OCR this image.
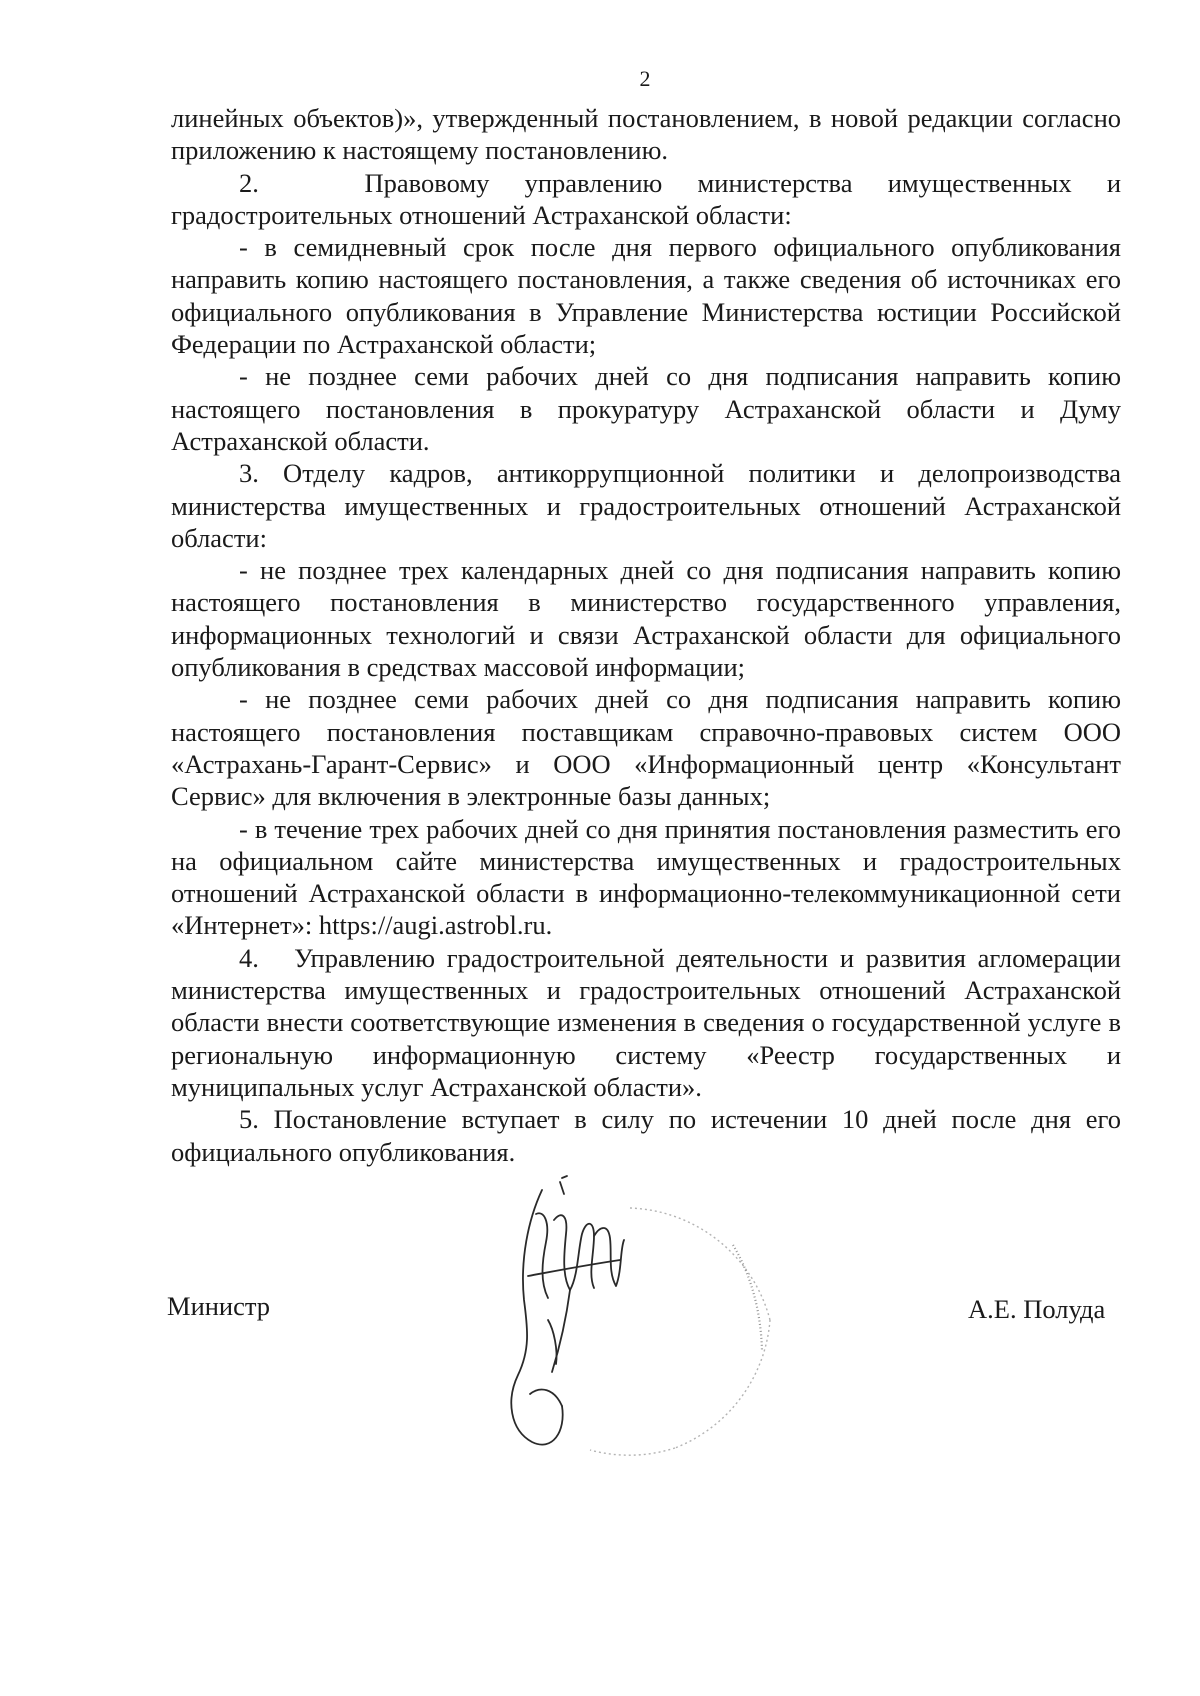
2

линейных объектов)», утвержденный постановлением, в новой редакции согласно приложению к настоящему постановлению.

2.   Правовому управлению министерства имущественных и градостроительных отношений Астраханской области:

- в семидневный срок после дня первого официального опубликования направить копию настоящего постановления, а также сведения об источниках его официального опубликования в Управление Министерства юстиции Российской Федерации по Астраханской области;

- не позднее семи рабочих дней со дня подписания направить копию настоящего постановления в прокуратуру Астраханской области и Думу Астраханской области.

3. Отделу кадров, антикоррупционной политики и делопроизводства министерства имущественных и градостроительных отношений Астраханской области:

- не позднее трех календарных дней со дня подписания направить копию настоящего постановления в министерство государственного управления, информационных технологий и связи Астраханской области для официального опубликования в средствах массовой информации;

- не позднее семи рабочих дней со дня подписания направить копию настоящего постановления поставщикам справочно-правовых систем ООО «Астрахань-Гарант-Сервис» и ООО «Информационный центр «Консультант Сервис» для включения в электронные базы данных;

- в течение трех рабочих дней со дня принятия постановления разместить его на официальном сайте министерства имущественных и градостроительных отношений Астраханской области в информационно-телекоммуникационной сети «Интернет»: https://augi.astrobl.ru.

4.   Управлению градостроительной деятельности и развития агломерации министерства имущественных и градостроительных отношений Астраханской области внести соответствующие изменения в сведения о государственной услуге в региональную информационную систему «Реестр государственных и муниципальных услуг Астраханской области».

5. Постановление вступает в силу по истечении 10 дней после дня его официального опубликования.

Министр	А.Е. Полуда
